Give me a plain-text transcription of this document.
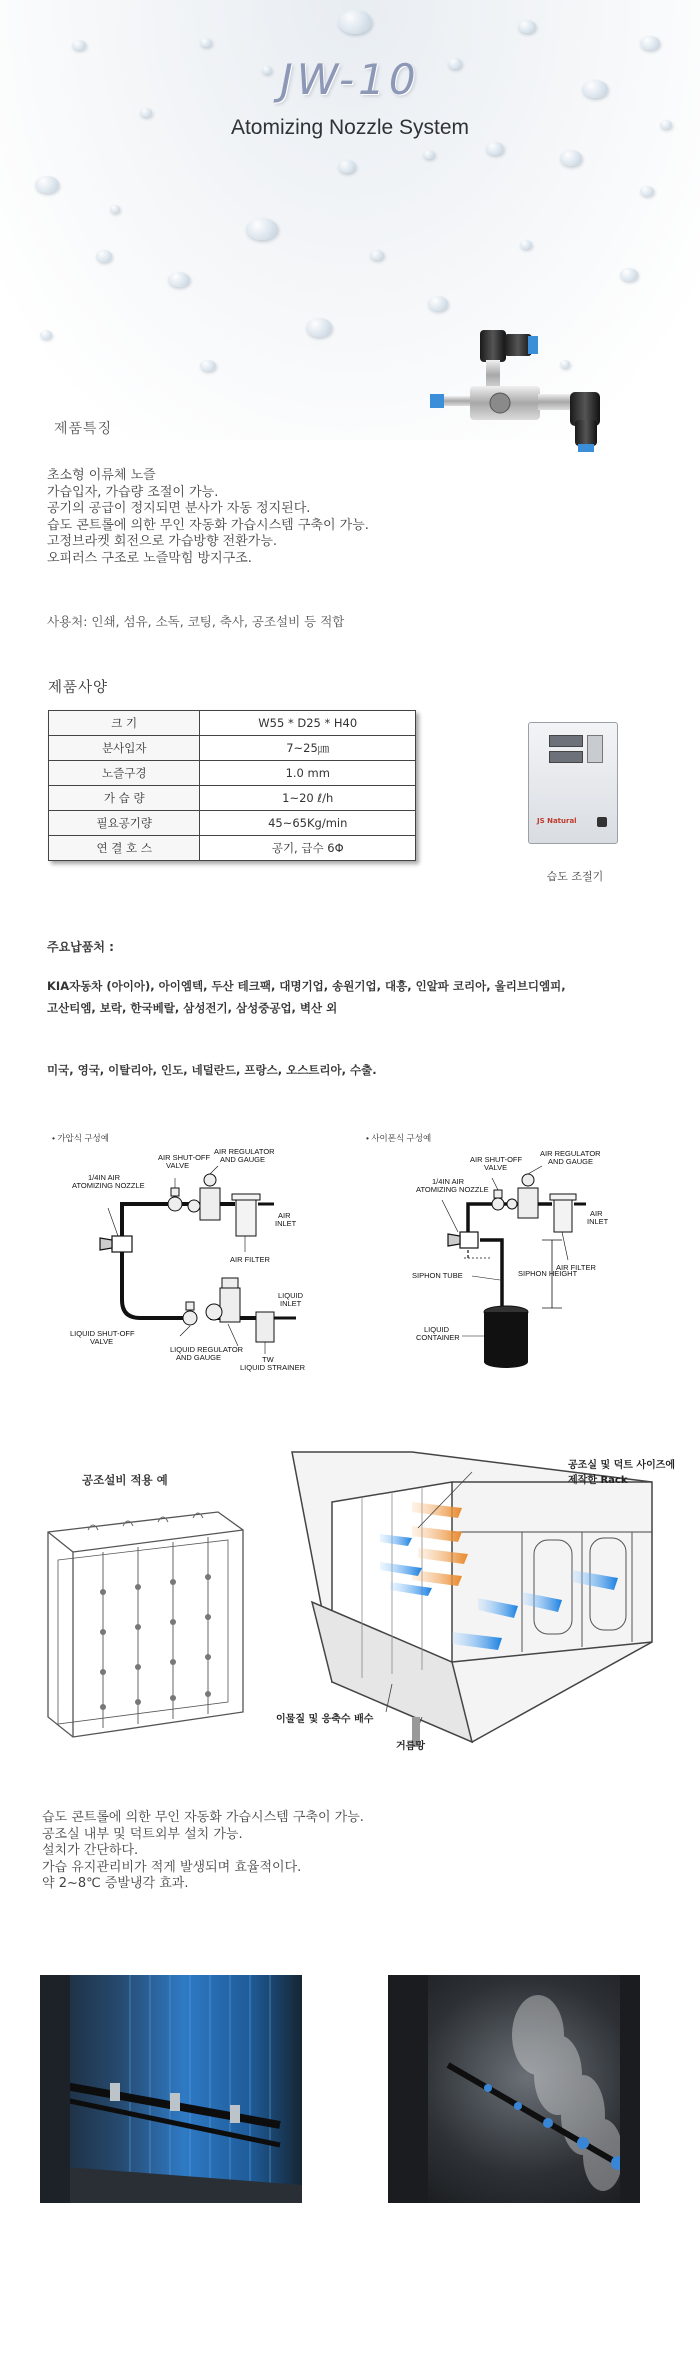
JW-10
Atomizing Nozzle System
제품특징
초소형 이류체 노즐
가습입자, 가습량 조절이 가능.
공기의 공급이 정지되면 분사가 자동 정지된다.
습도 콘트롤에 의한 무인 자동화 가습시스템 구축이 가능.
고정브라켓 회전으로 가습방향 전환가능.
오피러스 구조로 노즐막힘 방지구조.
사용처: 인쇄, 섬유, 소독, 코팅, 축사, 공조설비 등 적합
제품사양
크 기	W55 * D25 * H40
분사입자	7~25㎛
노즐구경	1.0 mm
가 습 량	1~20 ℓ/h
필요공기량	45~65Kg/min
연 결 호 스	공기, 급수 6Φ
JS Natural
습도 조절기
주요납품처 :
KIA자동차 (아이아), 아이엠텍, 두산 테크팩, 대명기업, 송원기업, 대흥, 인알파 코리아, 울리브디엠피,
고산티엠, 보락, 한국베랄, 삼성전기, 삼성중공업, 벽산 외
미국, 영국, 이탈리아, 인도, 네덜란드, 프랑스, 오스트리아, 수출.
• 가압식 구성예
AIR SHUT-OFF
VALVE
AIR REGULATOR
AND GAUGE
1/4IN AIR
ATOMIZING NOZZLE
AIR
INLET
AIR FILTER
LIQUID
INLET
LIQUID SHUT-OFF
VALVE
LIQUID REGULATOR
AND GAUGE	TW
LIQUID STRAINER
• 사이폰식 구성예
AIR SHUT-OFF
VALVE
AIR REGULATOR
AND GAUGE
1/4IN AIR
ATOMIZING NOZZLE
AIR
INLET
AIR FILTER
SIPHON TUBE	SIPHON HEIGHT
LIQUID
CONTAINER
공조설비 적용 예
공조실 및 덕트 사이즈에
제작한 Rack
이물질 및 응축수 배수
거름망
습도 콘트롤에 의한 무인 자동화 가습시스템 구축이 가능.
공조실 내부 및 덕트외부 설치 가능.
설치가 간단하다.
가습 유지관리비가 적게 발생되며 효율적이다.
약 2~8℃ 증발냉각 효과.
